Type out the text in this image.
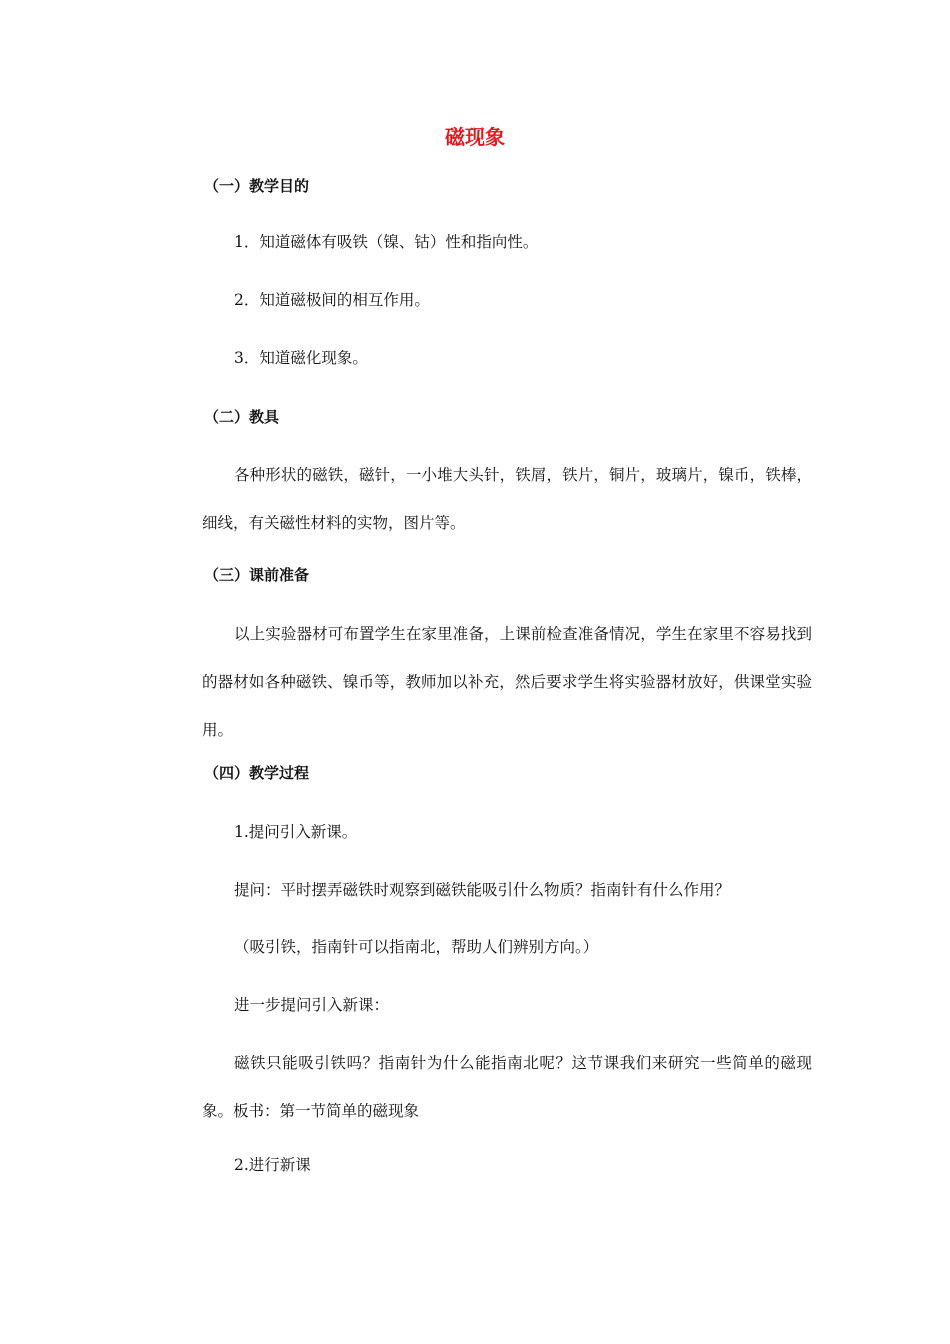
磁现象
（一）教学目的
1．知道磁体有吸铁（镍、钴）性和指向性。
2．知道磁极间的相互作用。
3．知道磁化现象。
（二）教具
各种形状的磁铁，磁针，一小堆大头针，铁屑，铁片，铜片，玻璃片，镍币，铁棒，细线，有关磁性材料的实物，图片等。
（三）课前准备
以上实验器材可布置学生在家里准备，上课前检查准备情况，学生在家里不容易找到的器材如各种磁铁、镍币等，教师加以补充，然后要求学生将实验器材放好，供课堂实验用。
（四）教学过程
1.提问引入新课。
提问：平时摆弄磁铁时观察到磁铁能吸引什么物质？指南针有什么作用？
（吸引铁，指南针可以指南北，帮助人们辨别方向。）
进一步提问引入新课：
磁铁只能吸引铁吗？指南针为什么能指南北呢？这节课我们来研究一些简单的磁现象。板书：第一节简单的磁现象
2.进行新课
